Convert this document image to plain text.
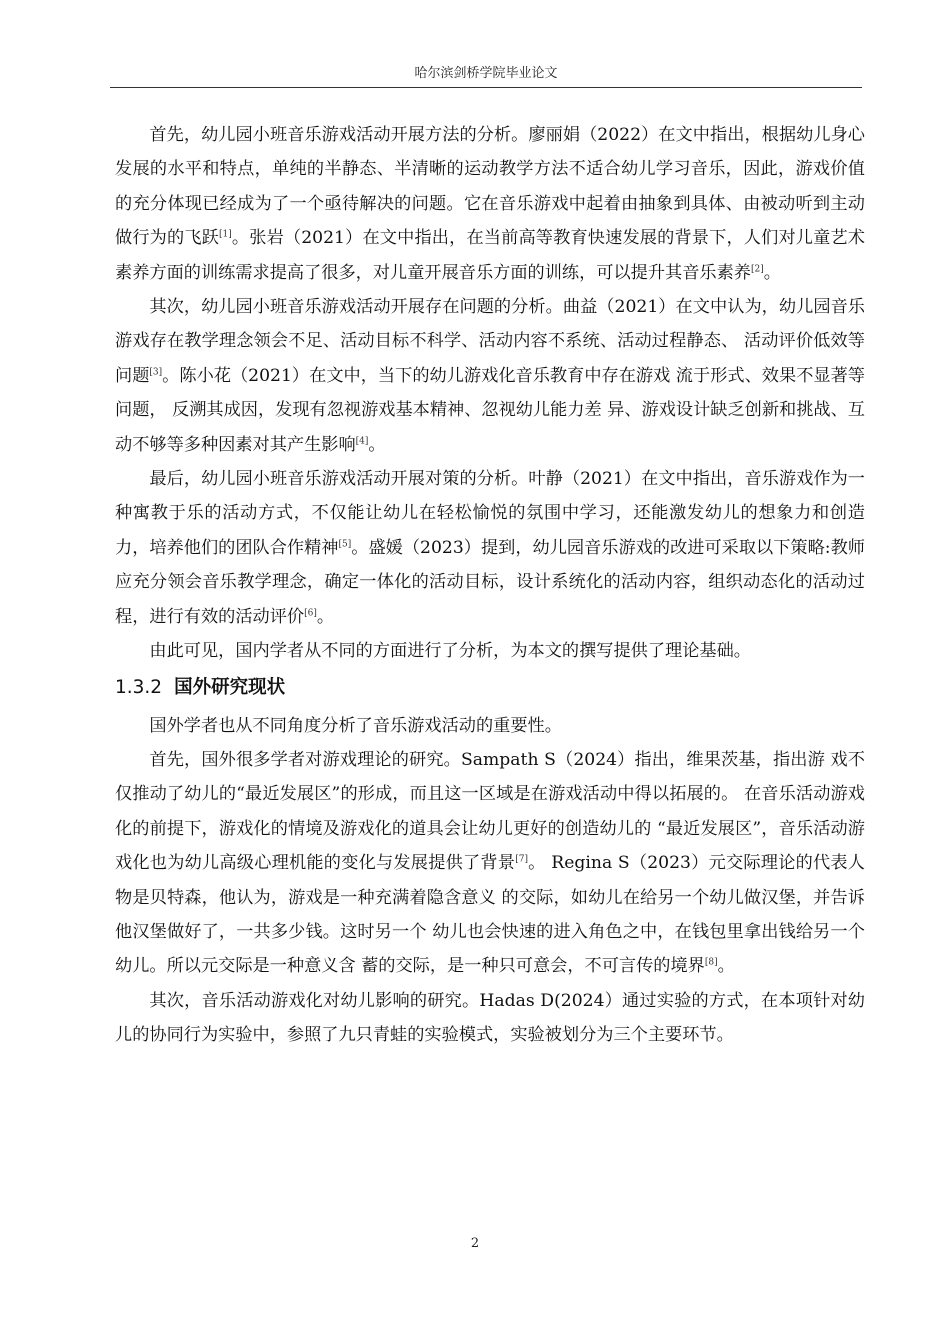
哈尔滨剑桥学院毕业论文

首先，幼儿园小班音乐游戏活动开展方法的分析。廖丽娟（2022）在文中指出，根据幼儿身心发展的水平和特点，单纯的半静态、半清晰的运动教学方法不适合幼儿学习音乐，因此，游戏价值的充分体现已经成为了一个亟待解决的问题。它在音乐游戏中起着由抽象到具体、由被动听到主动做行为的飞跃[1]。张岩（2021）在文中指出，在当前高等教育快速发展的背景下，人们对儿童艺术素养方面的训练需求提高了很多，对儿童开展音乐方面的训练，可以提升其音乐素养[2]。

其次，幼儿园小班音乐游戏活动开展存在问题的分析。曲益（2021）在文中认为，幼儿园音乐游戏存在教学理念领会不足、活动目标不科学、活动内容不系统、活动过程静态、 活动评价低效等问题[3]。陈小花（2021）在文中，当下的幼儿游戏化音乐教育中存在游戏 流于形式、效果不显著等问题， 反溯其成因，发现有忽视游戏基本精神、忽视幼儿能力差 异、游戏设计缺乏创新和挑战、互动不够等多种因素对其产生影响[4]。

最后，幼儿园小班音乐游戏活动开展对策的分析。叶静（2021）在文中指出，音乐游戏作为一种寓教于乐的活动方式，不仅能让幼儿在轻松愉悦的氛围中学习，还能激发幼儿的想象力和创造力，培养他们的团队合作精神[5]。盛媛（2023）提到，幼儿园音乐游戏的改进可采取以下策略:教师应充分领会音乐教学理念，确定一体化的活动目标，设计系统化的活动内容，组织动态化的活动过程，进行有效的活动评价[6]。

由此可见，国内学者从不同的方面进行了分析，为本文的撰写提供了理论基础。

1.3.2 国外研究现状

国外学者也从不同角度分析了音乐游戏活动的重要性。

首先，国外很多学者对游戏理论的研究。Sampath S（2024）指出，维果茨基，指出游 戏不仅推动了幼儿的“最近发展区”的形成，而且这一区域是在游戏活动中得以拓展的。 在音乐活动游戏化的前提下，游戏化的情境及游戏化的道具会让幼儿更好的创造幼儿的 “最近发展区”，音乐活动游戏化也为幼儿高级心理机能的变化与发展提供了背景[7]。 Regina S（2023）元交际理论的代表人物是贝特森，他认为，游戏是一种充满着隐含意义 的交际，如幼儿在给另一个幼儿做汉堡，并告诉他汉堡做好了，一共多少钱。这时另一个 幼儿也会快速的进入角色之中，在钱包里拿出钱给另一个幼儿。所以元交际是一种意义含 蓄的交际，是一种只可意会，不可言传的境界[8]。

其次，音乐活动游戏化对幼儿影响的研究。Hadas D(2024）通过实验的方式，在本项针对幼儿的协同行为实验中，参照了九只青蛙的实验模式，实验被划分为三个主要环节。

2
